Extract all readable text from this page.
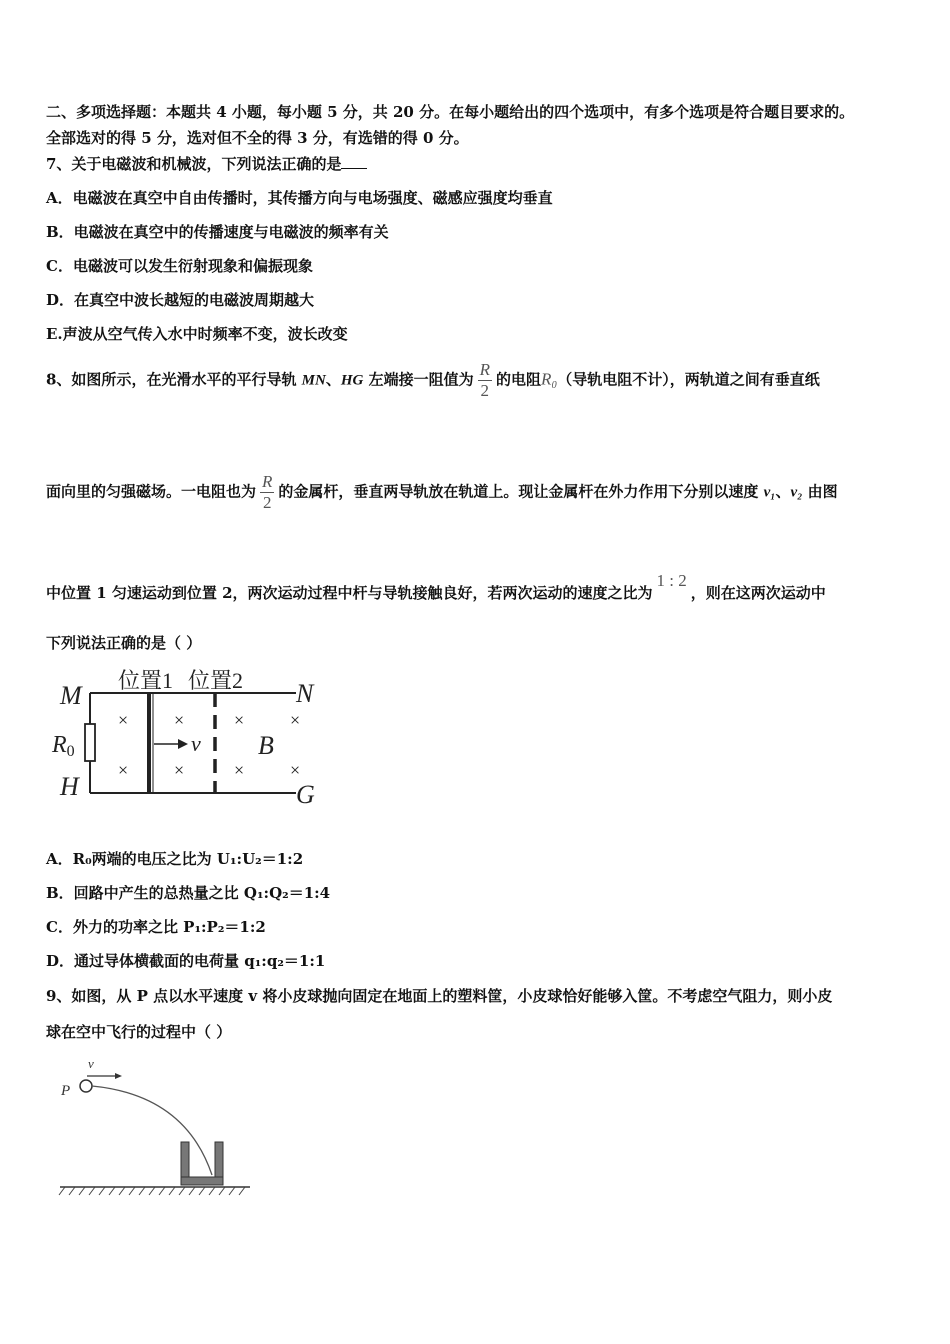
二、多项选择题：本题共 4 小题，每小题 5 分，共 20 分。在每小题给出的四个选项中，有多个选项是符合题目要求的。
全部选对的得 5 分，选对但不全的得 3 分，有选错的得 0 分。
7、关于电磁波和机械波，下列说法正确的是
A．电磁波在真空中自由传播时，其传播方向与电场强度、磁感应强度均垂直
B．电磁波在真空中的传播速度与电磁波的频率有关
C．电磁波可以发生衍射现象和偏振现象
D．在真空中波长越短的电磁波周期越大
E.声波从空气传入水中时频率不变，波长改变
8、如图所示，在光滑水平的平行导轨 MN、HG 左端接一阻值为 $\frac{R}{2}$ 的电阻R₀（导轨电阻不计），两轨道之间有垂直纸
面向里的匀强磁场。一电阻也为 $\frac{R}{2}$ 的金属杆，垂直两导轨放在轨道上。现让金属杆在外力作用下分别以速度 v₁、v₂ 由图
中位置 1 匀速运动到位置 2，两次运动过程中杆与导轨接触良好，若两次运动的速度之比为1 : 2，则在这两次运动中
下列说法正确的是（ ）
位置1 位置2
M	N
H	G
R0	v B
×	×	×	×
×	×	×	×
A．R₀两端的电压之比为 U₁:U₂＝1:2
B．回路中产生的总热量之比 Q₁:Q₂＝1:4
C．外力的功率之比 P₁:P₂＝1:2
D．通过导体横截面的电荷量 q₁:q₂＝1:1
9、如图，从 P 点以水平速度 v 将小皮球抛向固定在地面上的塑料筐，小皮球恰好能够入筐。不考虑空气阻力，则小皮
球在空中飞行的过程中（ ）
P
v
